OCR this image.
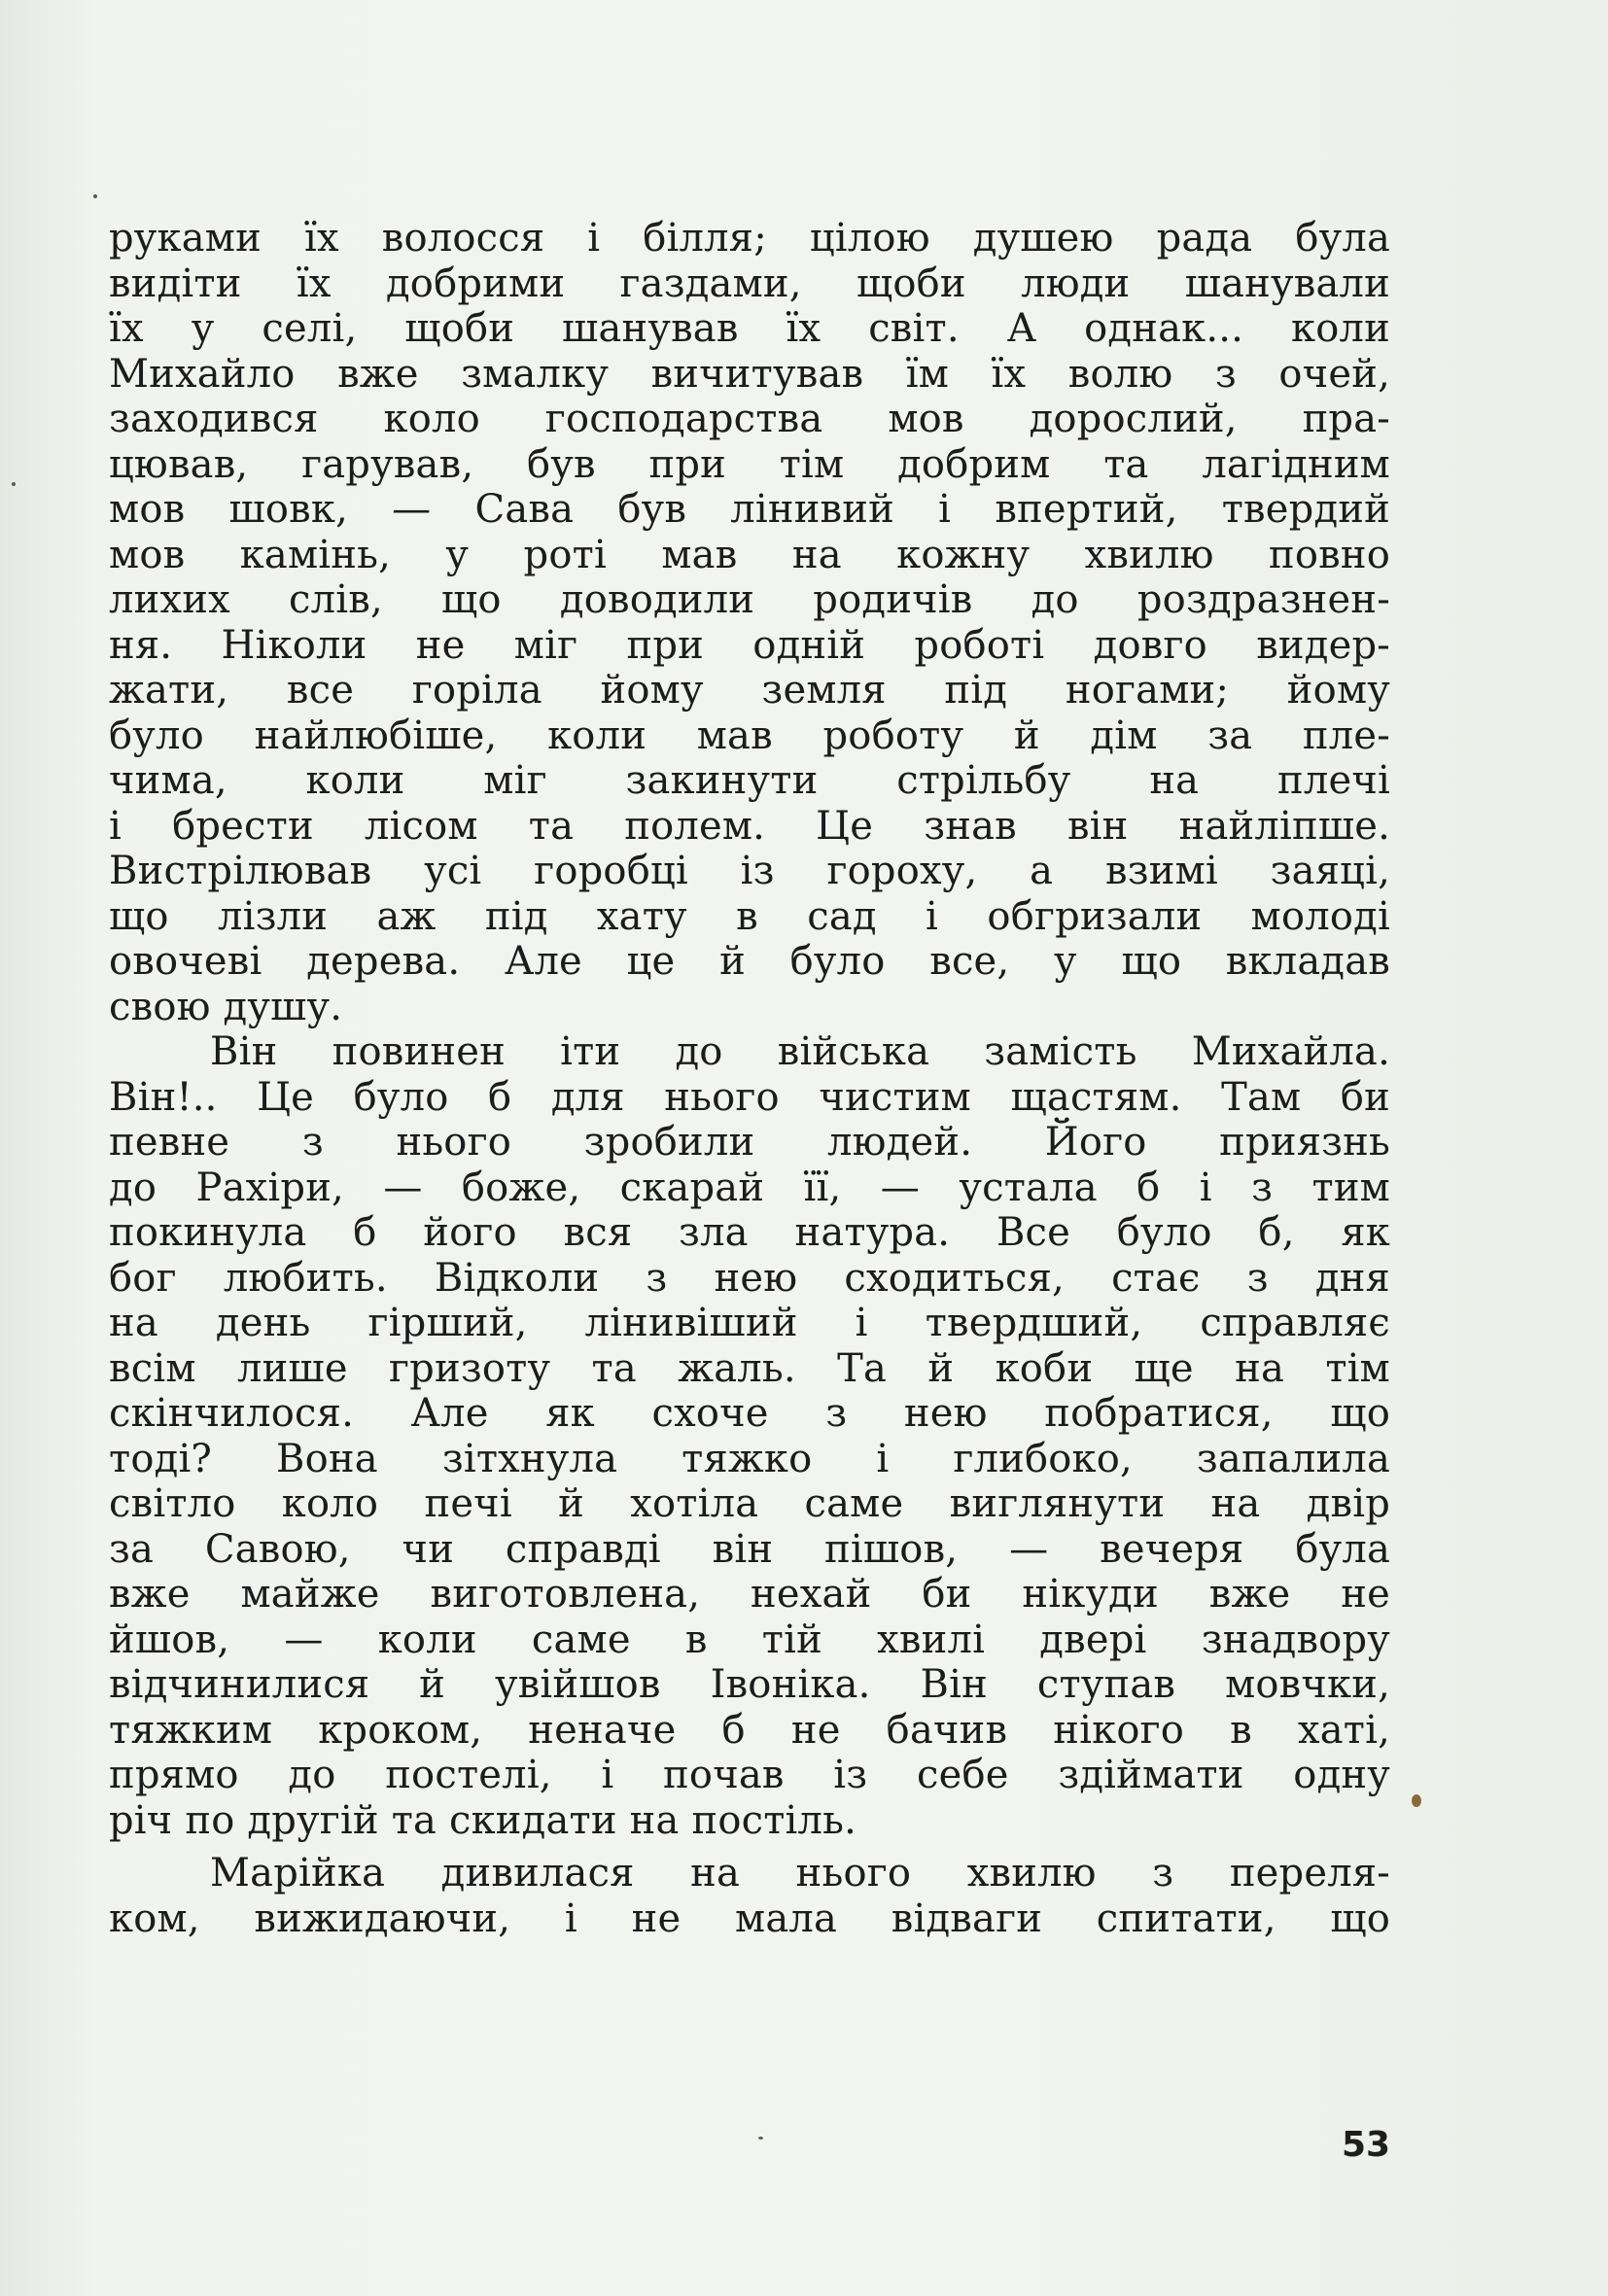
руками їх волосся і білля; цілою душею рада була
видіти їх добрими газдами, щоби люди шанували
їх у селі, щоби шанував їх світ. А однак... коли
Михайло вже змалку вичитував їм їх волю з очей,
заходився коло господарства мов дорослий, пра-
цював, гарував, був при тім добрим та лагідним
мов шовк, — Сава був лінивий і впертий, твердий
мов камінь, у роті мав на кожну хвилю повно
лихих слів, що доводили родичів до роздразнен-
ня. Ніколи не міг при одній роботі довго видер-
жати, все горіла йому земля під ногами; йому
було найлюбіше, коли мав роботу й дім за пле-
чима, коли міг закинути стрільбу на плечі
і брести лісом та полем. Це знав він найліпше.
Вистрілював усі горобці із гороху, а взимі заяці,
що лізли аж під хату в сад і обгризали молоді
овочеві дерева. Але це й було все, у що вкладав
свою душу.
Він повинен іти до війська замість Михайла.
Він!.. Це було б для нього чистим щастям. Там би
певне з нього зробили людей. Його приязнь
до Рахіри, — боже, скарай її, — устала б і з тим
покинула б його вся зла натура. Все було б, як
бог любить. Відколи з нею сходиться, стає з дня
на день гірший, лінивіший і твердший, справляє
всім лише гризоту та жаль. Та й коби ще на тім
скінчилося. Але як схоче з нею побратися, що
тоді? Вона зітхнула тяжко і глибоко, запалила
світло коло печі й хотіла саме виглянути на двір
за Савою, чи справді він пішов, — вечеря була
вже майже виготовлена, нехай би нікуди вже не
йшов, — коли саме в тій хвилі двері знадвору
відчинилися й увійшов Івоніка. Він ступав мовчки,
тяжким кроком, неначе б не бачив нікого в хаті,
прямо до постелі, і почав із себе здіймати одну
річ по другій та скидати на постіль.
Марійка дивилася на нього хвилю з переля-
ком, вижидаючи, і не мала відваги спитати, що
53
